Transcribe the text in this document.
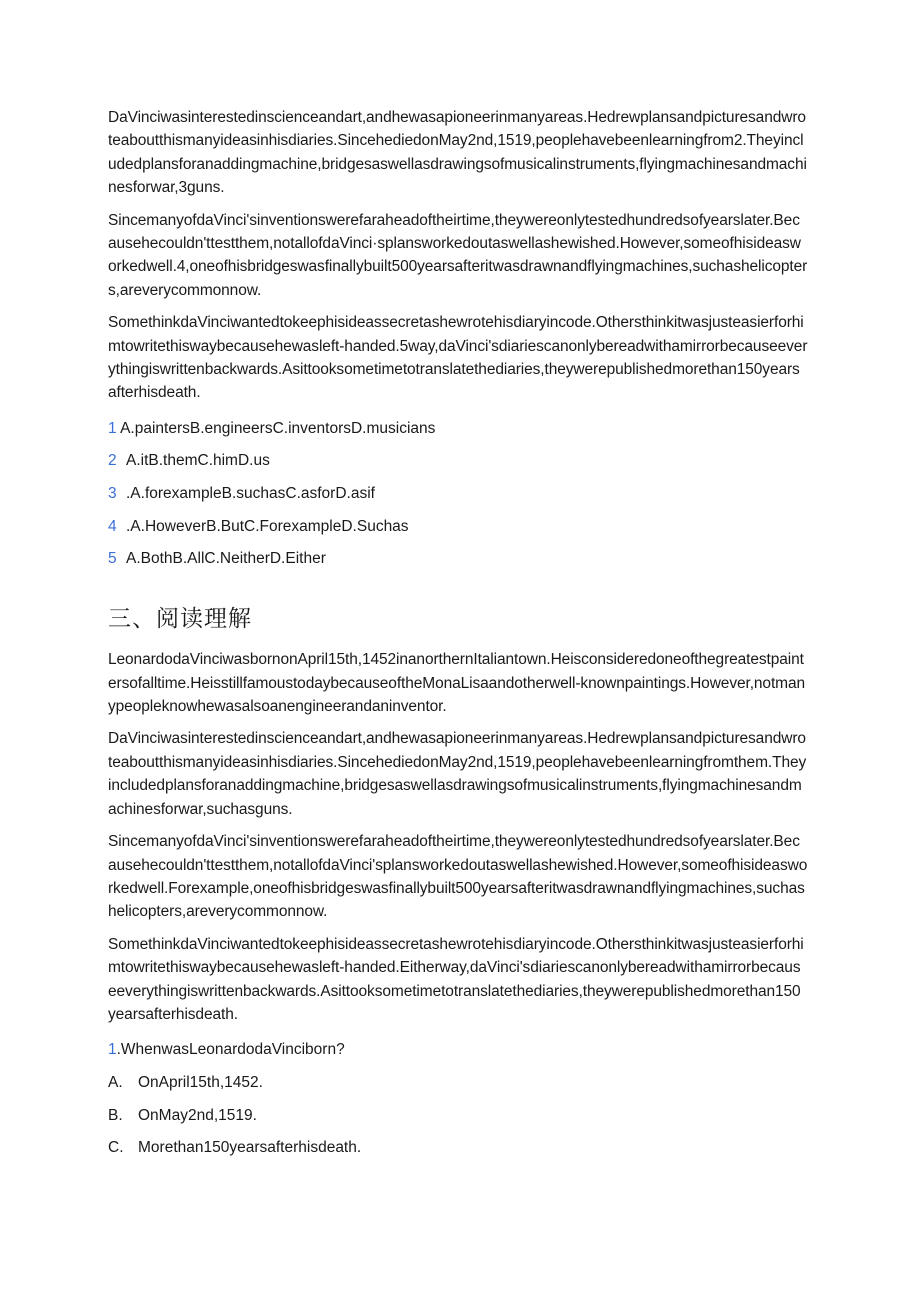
DaVinciwasinterestedinscienceandart,andhewasapioneerinmanyareas.Hedrewplansandpicturesandwroteaboutthismanyideasinhisdiaries.SincehediedonMay2nd,1519,peoplehavebeenlearningfrom2.Theyincludedplansforanaddingmachine,bridgesaswellasdrawingsofmusicalinstruments,flyingmachinesandmachinesforwar,3guns.

SincemanyofdaVinci'sinventionswerefaraheadoftheirtime,theywereonlytestedhundredsofyearslater.Becausehecouldn'ttestthem,notallofdaVinci·splansworkedoutaswellashewished.However,someofhisideasworkedwell.4,oneofhisbridgeswasfinallybuilt500yearsafteritwasdrawnandflyingmachines,suchashelicopters,areverycommonnow.

SomethinkdaVinciwantedtokeephisideassecretashewrotehisdiaryincode.Othersthinkitwasjusteasierforhimtowritethiswaybecausehewasleft-handed.5way,daVinci'sdiariescanonlybereadwithamirrorbecauseeverythingiswrittenbackwards.Asittooksometimetotranslatethediaries,theywerepublishedmorethan150yearsafterhisdeath.

1 A.paintersB.engineersC.inventorsD.musicians
2 A.itB.themC.himD.us
3 .A.forexampleB.suchasC.asforD.asif
4 .A.HoweverB.ButC.ForexampleD.Suchas
5 A.BothB.AllC.NeitherD.Either
三、阅读理解

LeonardodaVinciwasbornonApril15th,1452inanorthernItaliantown.Heisconsideredoneofthegreatestpaintersofalltime.HeisstillfamoustodaybecauseoftheMonaLisaandotherwell-knownpaintings.However,notmanypeopleknowhewasalsoanengineerandaninventor.

DaVinciwasinterestedinscienceandart,andhewasapioneerinmanyareas.Hedrewplansandpicturesandwroteaboutthismanyideasinhisdiaries.SincehediedonMay2nd,1519,peoplehavebeenlearningfromthem.Theyincludedplansforanaddingmachine,bridgesaswellasdrawingsofmusicalinstruments,flyingmachinesandmachinesforwar,suchasguns.

SincemanyofdaVinci'sinventionswerefaraheadoftheirtime,theywereonlytestedhundredsofyearslater.Becausehecouldn'ttestthem,notallofdaVinci'splansworkedoutaswellashewished.However,someofhisideasworkedwell.Forexample,oneofhisbridgeswasfinallybuilt500yearsafteritwasdrawnandflyingmachines,suchashelicopters,areverycommonnow.

SomethinkdaVinciwantedtokeephisideassecretashewrotehisdiaryincode.Othersthinkitwasjusteasierforhimtowritethiswaybecausehewasleft-handed.Eitherway,daVinci'sdiariescanonlybereadwithamirrorbecauseeverythingiswrittenbackwards.Asittooksometimetotranslatethediaries,theywerepublishedmorethan150yearsafterhisdeath.

1.WhenwasLeonardodaVinciborn?
A. OnApril15th,1452.
B. OnMay2nd,1519.
C. Morethan150yearsafterhisdeath.
